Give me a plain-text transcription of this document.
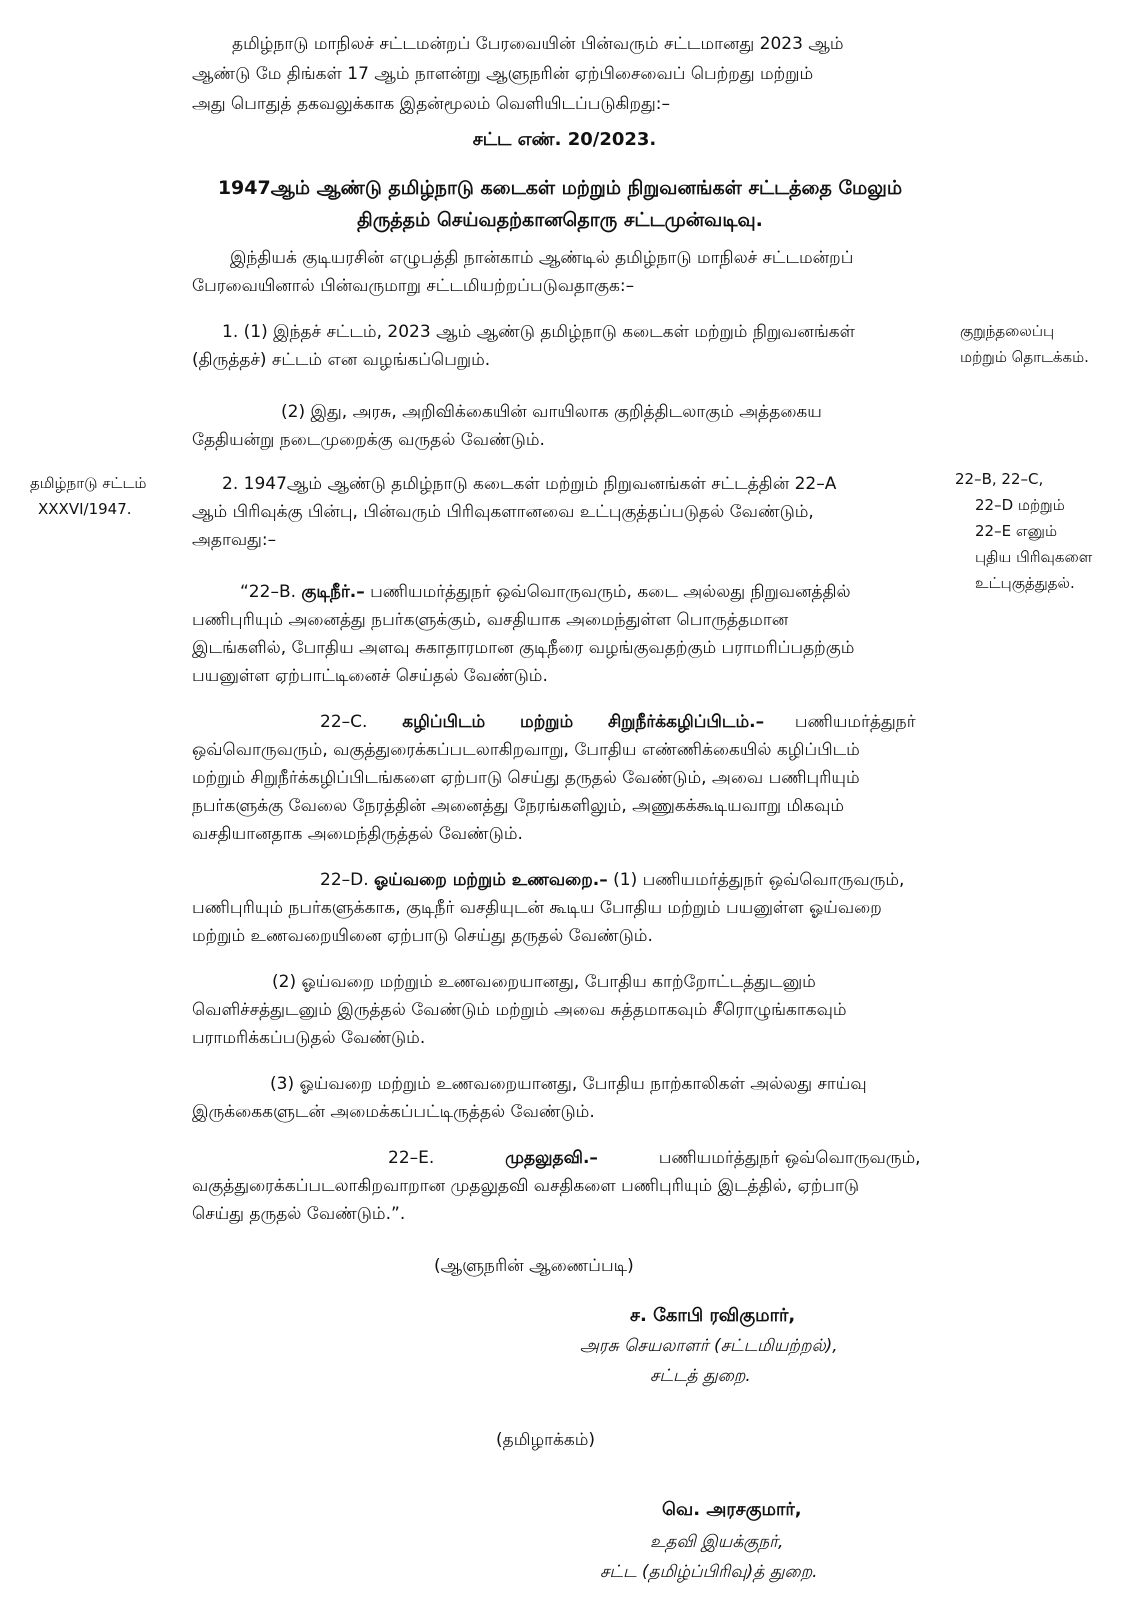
தமிழ்நாடு மாநிலச் சட்டமன்றப் பேரவையின் பின்வரும் சட்டமானது 2023 ஆம்
ஆண்டு மே திங்கள் 17 ஆம் நாளன்று ஆளுநரின் ஏற்பிசைவைப் பெற்றது மற்றும்
அது பொதுத் தகவலுக்காக இதன்மூலம் வெளியிடப்படுகிறது:–
சட்ட எண். 20/2023.
1947ஆம் ஆண்டு தமிழ்நாடு கடைகள் மற்றும் நிறுவனங்கள் சட்டத்தை மேலும்
திருத்தம் செய்வதற்கானதொரு சட்டமுன்வடிவு.
இந்தியக் குடியரசின் எழுபத்தி நான்காம் ஆண்டில் தமிழ்நாடு மாநிலச் சட்டமன்றப்
பேரவையினால் பின்வருமாறு சட்டமியற்றப்படுவதாகுக:–
1. (1) இந்தச் சட்டம், 2023 ஆம் ஆண்டு தமிழ்நாடு கடைகள் மற்றும் நிறுவனங்கள்
(திருத்தச்) சட்டம் என வழங்கப்பெறும்.
குறுந்தலைப்பு
மற்றும் தொடக்கம்.
(2) இது, அரசு, அறிவிக்கையின் வாயிலாக குறித்திடலாகும் அத்தகைய
தேதியன்று நடைமுறைக்கு வருதல் வேண்டும்.
தமிழ்நாடு சட்டம்
XXXVI/1947.
2. 1947ஆம் ஆண்டு தமிழ்நாடு கடைகள் மற்றும் நிறுவனங்கள் சட்டத்தின் 22–A
ஆம் பிரிவுக்கு பின்பு, பின்வரும் பிரிவுகளானவை உட்புகுத்தப்படுதல் வேண்டும்,
அதாவது:–
22–B, 22–C,
22–D மற்றும்
22–E எனும்
புதிய பிரிவுகளை
உட்புகுத்துதல்.
“22–B. குடிநீர்.– பணியமர்த்துநர் ஒவ்வொருவரும், கடை அல்லது நிறுவனத்தில்
பணிபுரியும் அனைத்து நபர்களுக்கும், வசதியாக அமைந்துள்ள பொருத்தமான
இடங்களில், போதிய அளவு சுகாதாரமான குடிநீரை வழங்குவதற்கும் பராமரிப்பதற்கும்
பயனுள்ள ஏற்பாட்டினைச் செய்தல் வேண்டும்.
22–C. கழிப்பிடம் மற்றும் சிறுநீர்க்கழிப்பிடம்.– பணியமர்த்துநர்
ஒவ்வொருவரும், வகுத்துரைக்கப்படலாகிறவாறு, போதிய எண்ணிக்கையில் கழிப்பிடம்
மற்றும் சிறுநீர்க்கழிப்பிடங்களை ஏற்பாடு செய்து தருதல் வேண்டும், அவை பணிபுரியும்
நபர்களுக்கு வேலை நேரத்தின் அனைத்து நேரங்களிலும், அணுகக்கூடியவாறு மிகவும்
வசதியானதாக அமைந்திருத்தல் வேண்டும்.
22–D. ஓய்வறை மற்றும் உணவறை.– (1) பணியமர்த்துநர் ஒவ்வொருவரும்,
பணிபுரியும் நபர்களுக்காக, குடிநீர் வசதியுடன் கூடிய போதிய மற்றும் பயனுள்ள ஓய்வறை
மற்றும் உணவறையினை ஏற்பாடு செய்து தருதல் வேண்டும்.
(2) ஓய்வறை மற்றும் உணவறையானது, போதிய காற்றோட்டத்துடனும்
வெளிச்சத்துடனும் இருத்தல் வேண்டும் மற்றும் அவை சுத்தமாகவும் சீரொழுங்காகவும்
பராமரிக்கப்படுதல் வேண்டும்.
(3) ஓய்வறை மற்றும் உணவறையானது, போதிய நாற்காலிகள் அல்லது சாய்வு
இருக்கைகளுடன் அமைக்கப்பட்டிருத்தல் வேண்டும்.
22–E.	முதலுதவி.–	பணியமர்த்துநர் ஒவ்வொருவரும்,
வகுத்துரைக்கப்படலாகிறவாறான முதலுதவி வசதிகளை பணிபுரியும் இடத்தில், ஏற்பாடு
செய்து தருதல் வேண்டும்.”.
(ஆளுநரின் ஆணைப்படி)
ச. கோபி ரவிகுமார்,
அரசு செயலாளர் (சட்டமியற்றல்),
சட்டத் துறை.
(தமிழாக்கம்)
வெ. அரசகுமார்,
உதவி இயக்குநர்,
சட்ட (தமிழ்ப்பிரிவு)த் துறை.
